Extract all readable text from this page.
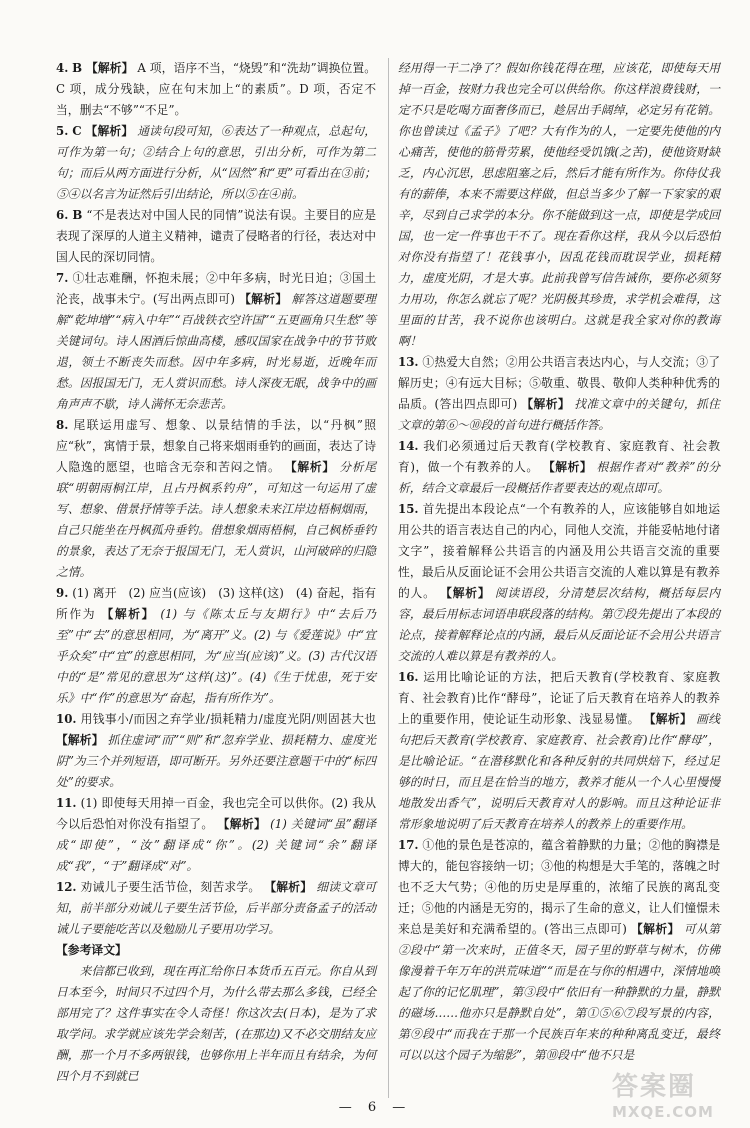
4. B 【解析】 A 项，语序不当，“烧毁”和“洗劫”调换位置。C 项，成分残缺，应在句末加上“的素质”。D 项，否定不当，删去“不够”“不足”。

5. C 【解析】 通读句段可知，⑥表达了一种观点，总起句，可作为第一句；②结合上句的意思，引出分析，可作为第二句；而后从两方面进行分析，从“因然”和“更”可看出在③前；⑤④以名言为证然后引出结论，所以⑤在④前。

6. B “不是表达对中国人民的同情”说法有误。主要目的应是表现了深厚的人道主义精神，谴责了侵略者的行径，表达对中国人民的深切同情。

7. ①壮志难酬，怀抱未展；②中年多病，时光日迫；③国土沦丧，战事未宁。(写出两点即可) 【解析】 解答这道题要理解“乾坤增”“病入中年”“百战铁衣空许国”“五更画角只生愁”等关键词句。诗人困酒后惊曲高楼，感叹国家在战争中的节节败退，领土不断丧失而愁。因中年多病，时光易逝，近晚年而愁。因报国无门，无人赏识而愁。诗人深夜无眠，战争中的画角声声不歇，诗人满怀无奈悲苦。

8. 尾联运用虚写、想象、以景结情的手法，以“丹枫”照应“秋”，寓情于景，想象自己将来烟雨垂钓的画面，表达了诗人隐逸的愿望，也暗含无奈和苦闷之情。 【解析】 分析尾联“明朝雨桐江岸，且占丹枫系钓舟”，可知这一句运用了虚写、想象、借景抒情等手法。诗人想象未来江岸边梧桐烟雨，自己只能坐在丹枫孤舟垂钓。借想象烟雨梧桐，自己枫桥垂钓的景象，表达了无奈于报国无门，无人赏识，山河破碎的归隐之情。

9. (1) 离开　(2) 应当(应该)　(3) 这样(这)　(4) 奋起，指有所作为 【解析】 (1) 与《陈太丘与友期行》中“去后乃至”中“去”的意思相同，为“离开”义。(2) 与《爱莲说》中“宜乎众矣”中“宜”的意思相同，为“应当(应该)”义。(3) 古代汉语中的“是”常见的意思为“这样(这)”。(4)《生于忧患，死于安乐》中“作”的意思为“奋起，指有所作为”。

10. 用钱事小/而因之弃学业/损耗精力/虚度光阴/则固甚大也 【解析】 抓住虚词“而”“则”和“忽弃学业、损耗精力、虚度光阴”为三个并列短语，即可断开。另外还要注意题干中的“标四处”的要求。

11. (1) 即使每天用掉一百金，我也完全可以供你。(2) 我从今以后恐怕对你没有指望了。 【解析】 (1) 关键词“虽”翻译成“即使”，“汝”翻译成“你”。(2) 关键词“余”翻译成“我”，“于”翻译成“对”。

12. 劝诫儿子要生活节俭，刻苦求学。 【解析】 细读文章可知，前半部分劝诫儿子要生活节俭，后半部分责备孟子的活动诫儿子要能吃苦以及勉励儿子要用功学习。

【参考译文】

来信都已收到，现在再汇给你日本货币五百元。你自从到日本至今，时间只不过四个月，为什么带去那么多钱，已经全部用完了？这件事实在令人奇怪！你这次去(日本)，是为了求取学问。求学就应该先学会刻苦，(在那边)又不必交朋结友应酬，那一个月不多两银钱，也够你用上半年而且有结余，为何四个月不到就已

经用得一干二净了？假如你钱花得在理，应该花，即使每天用掉一百金，按财力我也完全可以供给你。你这样浪费钱财，一定不只是吃喝方面奢侈而已，趁居出手阔绰，必定另有花销。你也曾读过《孟子》了吧？大有作为的人，一定要先使他的内心痛苦，使他的筋骨劳累，使他经受饥饿(之苦)，使他资财缺乏，内心沉思，思虑阻塞之后，然后才能有所作为。你侍仗我有的薪俸，本来不需要这样做，但总当多少了解一下家家的艰辛，尽到自己求学的本分。你不能做到这一点，即使是学成回国，也一定一件事也干不了。现在看你这样，我从今以后恐怕对你没有指望了！花钱事小，因乱花钱而耽误学业，损耗精力，虚度光阴，才是大事。此前我曾写信告诫你，要你必须努力用功，你怎么就忘了呢？光阴极其珍贵，求学机会难得，这里面的甘苦，我不说你也该明白。这就是我全家对你的教诲啊！

13. ①热爱大自然；②用公共语言表达内心，与人交流；③了解历史；④有远大目标；⑤敬重、敬畏、敬仰人类种种优秀的品质。(答出四点即可) 【解析】 找准文章中的关键句，抓住文章的第⑥～⑩段的首句进行概括作答。

14. 我们必须通过后天教育(学校教育、家庭教育、社会教育)，做一个有教养的人。 【解析】 根据作者对“教养”的分析，结合文章最后一段概括作者要表达的观点即可。

15. 首先提出本段论点“一个有教养的人，应该能够自如地运用公共的语言表达自己的内心，同他人交流，并能妥帖地付诸文字”，接着解释公共语言的内涵及用公共语言交流的重要性，最后从反面论证不会用公共语言交流的人难以算是有教养的人。 【解析】 阅读语段，分清楚层次结构，概括每层内容，最后用标志词语串联段落的结构。第⑦段先提出了本段的论点，接着解释论点的内涵，最后从反面论证不会用公共语言交流的人难以算是有教养的人。

16. 运用比喻论证的方法，把后天教育(学校教育、家庭教育、社会教育)比作“酵母”，论证了后天教育在培养人的教养上的重要作用，使论证生动形象、浅显易懂。 【解析】 画线句把后天教育(学校教育、家庭教育、社会教育)比作“酵母”，是比喻论证。“在潜移默化和各种反射的共同烘焙下，经过足够的时日，而且是在恰当的地方，教养才能从一个人心里慢慢地散发出香气”，说明后天教育对人的影响。而且这种论证非常形象地说明了后天教育在培养人的教养上的重要作用。

17. ①他的景色是苍凉的，蕴含着静默的力量；②他的胸襟是博大的，能包容接纳一切；③他的构想是大手笔的，落魄之时也不乏大气势；④他的历史是厚重的，浓缩了民族的离乱变迁；⑤他的内涵是无穷的，揭示了生命的意义，让人们憧憬未来总是美好和充满希望的。(答出三点即可) 【解析】 可从第②段中“第一次来时，正值冬天，园子里的野草与树木，仿佛像漫着千年万年的洪荒味道”“而是在与你的相遇中，深情地唤起了你的记忆肌理”，第③段中“依旧有一种静默的力量，静默的磁场……他亦只是静默自处”，第①⑤⑥⑦段写景的内容，第⑨段中“而我在于那一个民族百年来的种种离乱变迁，最终可以以这个园子为缩影”，第⑩段中“他不只是

— 6 —
答案圈
MXQE.COM
